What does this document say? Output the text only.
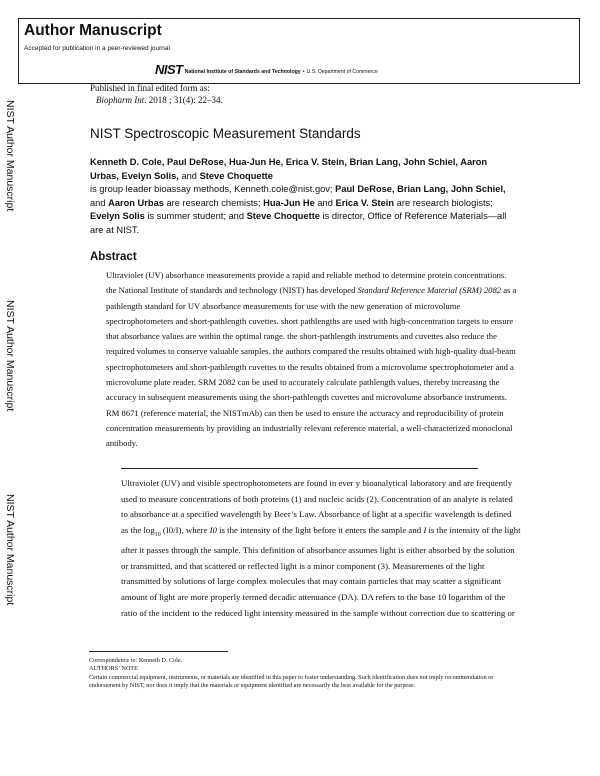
Author Manuscript
Accepted for publication in a peer-reviewed journal
NIST National Institute of Standards and Technology • U.S. Department of Commerce
NIST Author Manuscript
NIST Author Manuscript
NIST Author Manuscript
Published in final edited form as:
Biopharm Int. 2018 ; 31(4): 22–34.
NIST Spectroscopic Measurement Standards
Kenneth D. Cole, Paul DeRose, Hua-Jun He, Erica V. Stein, Brian Lang, John Schiel, Aaron
Urbas, Evelyn Solis, and Steve Choquette
is group leader bioassay methods, Kenneth.cole@nist.gov; Paul DeRose, Brian Lang, John Schiel, and Aaron Urbas are research chemists; Hua-Jun He and Erica V. Stein are research biologists; Evelyn Solis is summer student; and Steve Choquette is director, Office of Reference Materials—all are at NIST.
Abstract
Ultraviolet (UV) absorbance measurements provide a rapid and reliable method to determine protein concentrations. the National Institute of standards and technology (NIST) has developed Standard Reference Material (SRM) 2082 as a pathlength standard for UV absorbance measurements for use with the new generation of microvolume spectrophotometers and short-pathlength cuvettes. short pathlengths are used with high-concentration targets to ensure that absorbance values are within the optimal range. the short-pathlength instruments and cuvettes also reduce the required volumes to conserve valuable samples. the authors compared the results obtained with high-quality dual-beam spectrophotometers and short-pathlength cuvettes to the results obtained from a microvolume spectrophotometer and a microvolume plate reader. SRM 2082 can be used to accurately calculate pathlength values, thereby increasing the accuracy in subsequent measurements using the short-pathlength cuvettes and microvolume absorbance instruments. RM 8671 (reference material, the NISTmAb) can then be used to ensure the accuracy and reproducibility of protein concentration measurements by providing an industrially relevant reference material, a well-characterized monoclonal antibody.
Ultraviolet (UV) and visible spectrophotometers are found in ever y bioanalytical laboratory and are frequently used to measure concentrations of both proteins (1) and nucleic acids (2). Concentration of an analyte is related to absorbance at a specified wavelength by Beer’s Law. Absorbance of light at a specific wavelength is defined as the $\log_{10} (I0/I)$, where I0 is the intensity of the light before it enters the sample and I is the intensity of the light after it passes through the sample. This definition of absorbance assumes light is either absorbed by the solution or transmitted, and that scattered or reflected light is a minor component (3). Measurements of the light transmitted by solutions of large complex molecules that may contain particles that may scatter a significant amount of light are more properly termed decadic attenuance (DA). DA refers to the base 10 logarithm of the ratio of the incident to the reduced light intensity measured in the sample without correction due to scattering or
Correspondence to: Kenneth D. Cole.
AUTHORS’ NOTE
Certain commercial equipment, instruments, or materials are identified in this paper to foster understanding. Such identification does not imply recommendation or endorsement by NIST, nor does it imply that the materials or equipment identified are necessarily the best available for the purpose.
